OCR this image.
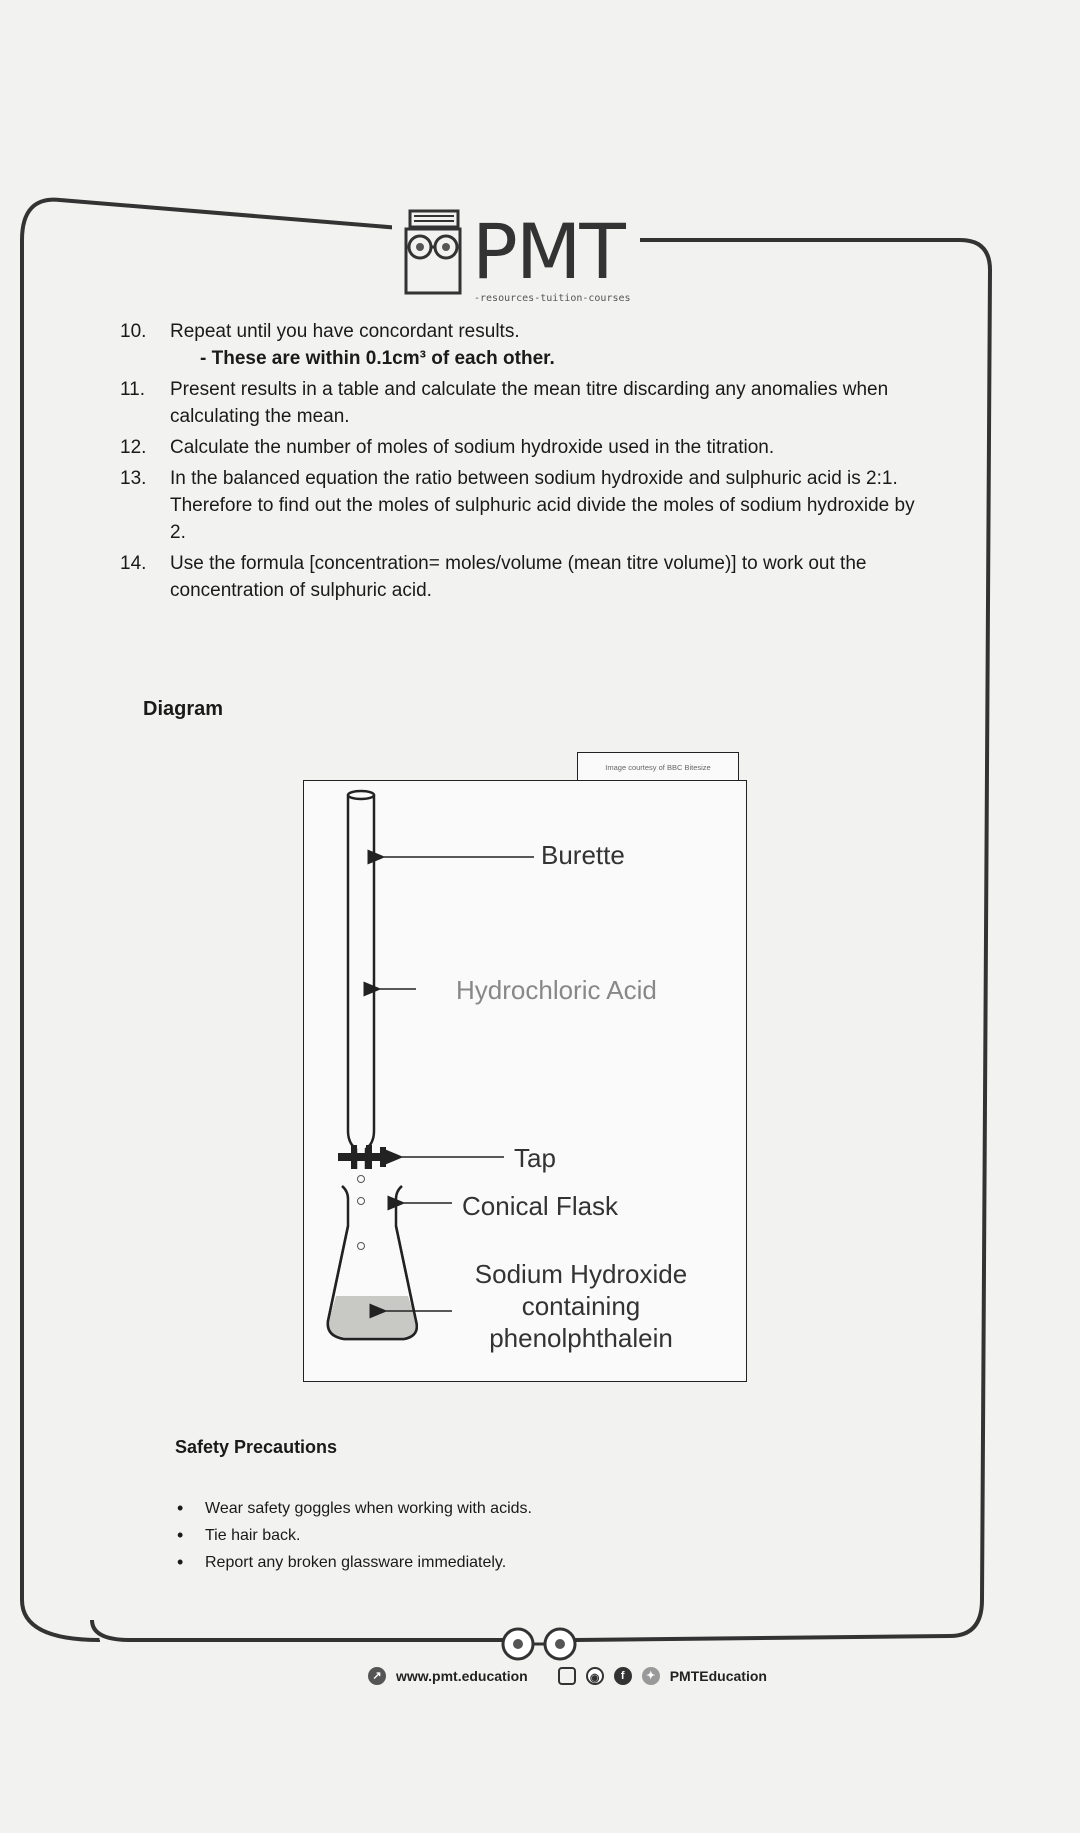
PMT
-resources-tuition-courses
10. Repeat until you have concordant results.
- These are within 0.1cm³ of each other.
11. Present results in a table and calculate the mean titre discarding any anomalies when calculating the mean.
12. Calculate the number of moles of sodium hydroxide used in the titration.
13. In the balanced equation the ratio between sodium hydroxide and sulphuric acid is 2:1. Therefore to find out the moles of sulphuric acid divide the moles of sodium hydroxide by 2.
14. Use the formula [concentration= moles/volume (mean titre volume)] to work out the concentration of sulphuric acid.
Diagram
Image courtesy of BBC Bitesize
Burette
Hydrochloric Acid
Tap
Conical Flask
Sodium Hydroxide
containing
phenolphthalein
Safety Precautions
• Wear safety goggles when working with acids.
• Tie hair back.
• Report any broken glassware immediately.
↗	www.pmt.education	◉	f	✦	PMTEducation
